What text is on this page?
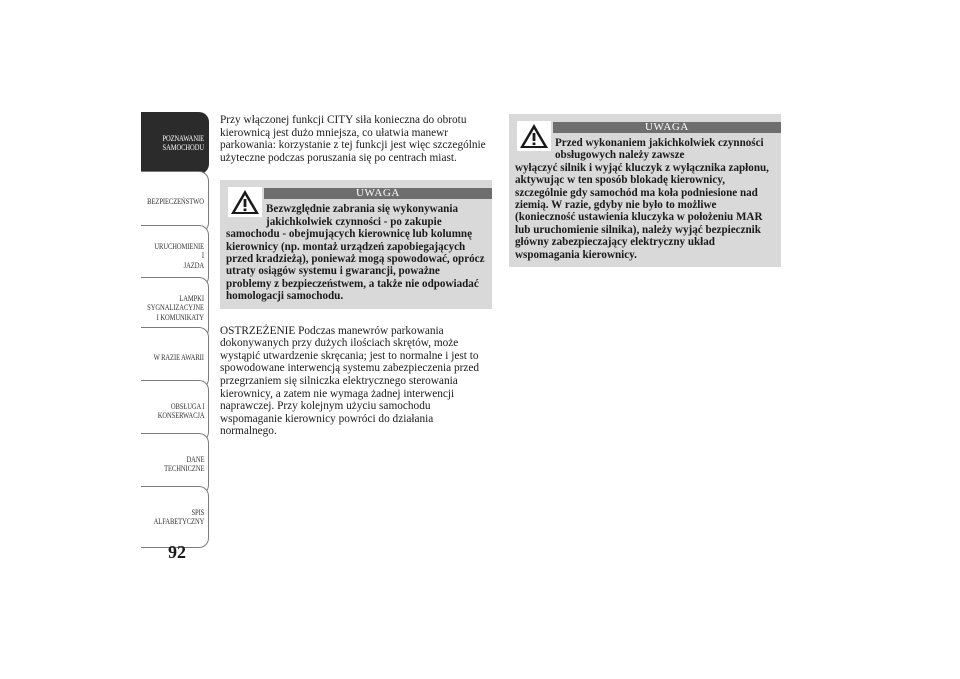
POZNAWANIE
SAMOCHODU
BEZPIECZEŃSTWO
URUCHOMIENIE I
JAZDA
LAMPKI
SYGNALIZACYJNE
I KOMUNIKATY
W RAZIE AWARII
OBSŁUGA I
KONSERWACJA
DANE
TECHNICZNE
SPIS
ALFABETYCZNY
92

Przy włączonej funkcji CITY siła konieczna do obrotu kierownicą jest dużo mniejsza, co ułatwia manewr parkowania: korzystanie z tej funkcji jest więc szczególnie użyteczne podczas poruszania się po centrach miast.

UWAGA
Bezwzględnie zabrania się wykonywania jakichkolwiek czynności - po zakupie
samochodu - obejmujących kierownicę lub kolumnę kierownicy (np. montaż urządzeń zapobiegających przed kradzieżą), ponieważ mogą spowodować, oprócz utraty osiągów systemu i gwarancji, poważne problemy z bezpieczeństwem, a także nie odpowiadać homologacji samochodu.

OSTRZEŻENIE Podczas manewrów parkowania dokonywanych przy dużych ilościach skrętów, może wystąpić utwardzenie skręcania; jest to normalne i jest to spowodowane interwencją systemu zabezpieczenia przed przegrzaniem się silniczka elektrycznego sterowania kierownicy, a zatem nie wymaga żadnej interwencji naprawczej. Przy kolejnym użyciu samochodu wspomaganie kierownicy powróci do działania normalnego.

UWAGA
Przed wykonaniem jakichkolwiek czynności obsługowych należy zawsze
wyłączyć silnik i wyjąć kluczyk z wyłącznika zapłonu, aktywując w ten sposób blokadę kierownicy, szczególnie gdy samochód ma koła podniesione nad ziemią. W razie, gdyby nie było to możliwe (konieczność ustawienia kluczyka w położeniu MAR lub uruchomienie silnika), należy wyjąć bezpiecznik główny zabezpieczający elektryczny układ wspomagania kierownicy.
